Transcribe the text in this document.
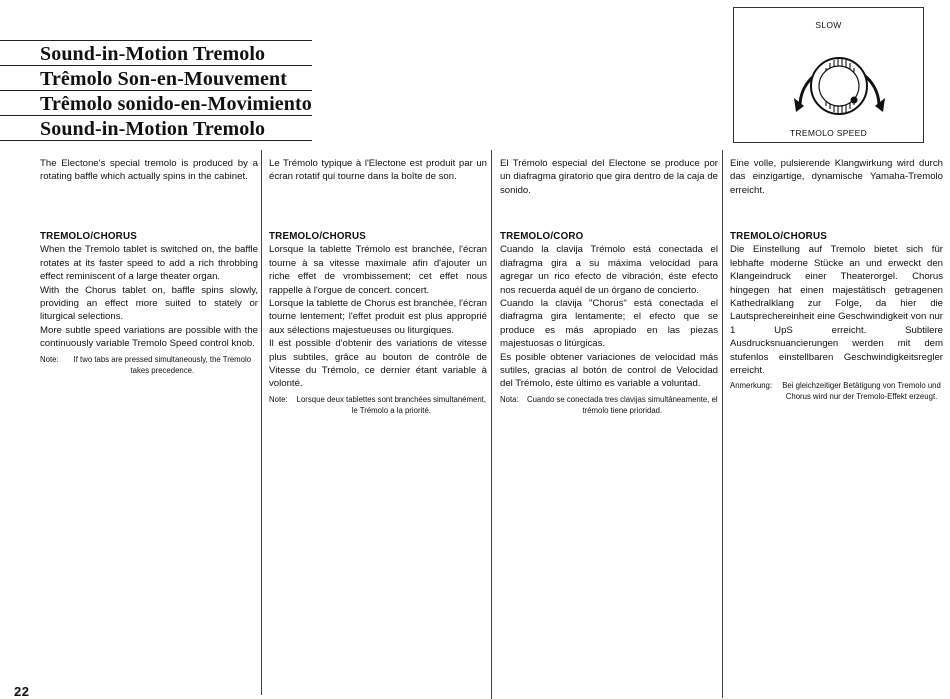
Sound-in-Motion Tremolo
Trêmolo Son-en-Mouvement
Trêmolo sonido-en-Movimiento
Sound-in-Motion Tremolo
SLOW
TREMOLO SPEED

The Electone's special tremolo is produced by a rotating baffle which actually spins in the cabinet.

TREMOLO/CHORUS

When the Tremolo tablet is switched on, the baffle rotates at its faster speed to add a rich throbbing effect reminiscent of a large theater organ.

With the Chorus tablet on, baffle spins slowly, providing an effect more suited to stately or liturgical selections.

More subtle speed variations are possible with the continuously variable Tremolo Speed control knob.

Note:	If two tabs are pressed simultaneously, the Tremolo takes precedence.

Le Trémolo typique à l'Electone est produit par un écran rotatif qui tourne dans la boîte de son.

TREMOLO/CHORUS

Lorsque la tablette Trémolo est branchée, l'écran tourne à sa vitesse maximale afin d'ajouter un riche effet de vrombissement; cet effet nous rappelle à l'orgue de concert. concert.

Lorsque la tablette de Chorus est branchée, l'écran tourne lentement; l'effet produit est plus approprié aux sélections majestueuses ou liturgiques.

Il est possible d'obtenir des variations de vitesse plus subtiles, grâce au bouton de contrôle de Vitesse du Trémolo, ce dernier étant variable à volonté.

Note:	Lorsque deux tablettes sont branchées simultanément, le Trémolo a la priorité.

El Trémolo especial del Electone se produce por un diafragma giratorio que gira dentro de la caja de sonido.

TREMOLO/CORO

Cuando la clavija Trémolo está conectada el diafragma gira a su máxima velocidad para agregar un rico efecto de vibración, éste efecto nos recuerda aquél de un órgano de concierto.

Cuando la clavija "Chorus" está conectada el diafragma gira lentamente; el efecto que se produce es más apropiado en las piezas majestuosas o litúrgicas.

Es posible obtener variaciones de velocidad más sutiles, gracias al botón de control de Velocidad del Trémolo, éste último es variable a voluntad.

Nota:	Cuando se conectada tres clavijas simultáneamente, el trémolo tiene prioridad.

Eine volle, pulsierende Klangwirkung wird durch das einzigartige, dynamische Yamaha-Tremolo erreicht.

TREMOLO/CHORUS

Die Einstellung auf Tremolo bietet sich für lebhafte moderne Stücke an und erweckt den Klangeindruck einer Theaterorgel. Chorus hingegen hat einen majestätisch getragenen Kathedralklang zur Folge, da hier die Lautsprechereinheit eine Geschwindigkeit von nur 1 UpS erreicht. Subtilere Ausdrucksnuancierungen werden mit dem stufenlos einstellbaren Geschwindigkeitsregler erreicht.

Anmerkung:	Bei gleichzeitiger Betätigung von Tremolo und Chorus wird nur der Tremolo-Effekt erzeugt.
22
